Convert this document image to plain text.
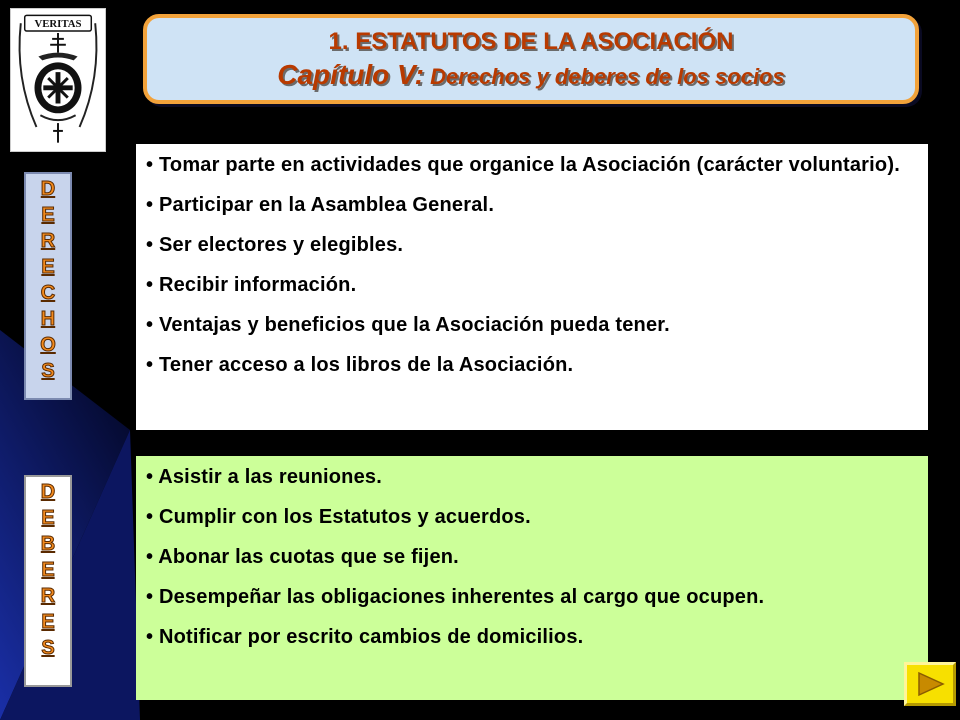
VERITAS
1. ESTATUTOS DE LA ASOCIACIÓN
Capítulo V: Derechos y deberes de los socios
D
E
R
E
C
H
O
S

• Tomar parte en actividades que organice la Asociación (carácter voluntario).

• Participar en la Asamblea General.

• Ser electores y elegibles.

• Recibir información.

• Ventajas y beneficios que la Asociación pueda tener.

• Tener acceso a los libros de la Asociación.

D
E
B
E
R
E
S

• Asistir a las reuniones.

• Cumplir con los Estatutos y acuerdos.

• Abonar las cuotas que se fijen.

• Desempeñar las obligaciones inherentes al cargo que ocupen.

• Notificar por escrito cambios de domicilios.
